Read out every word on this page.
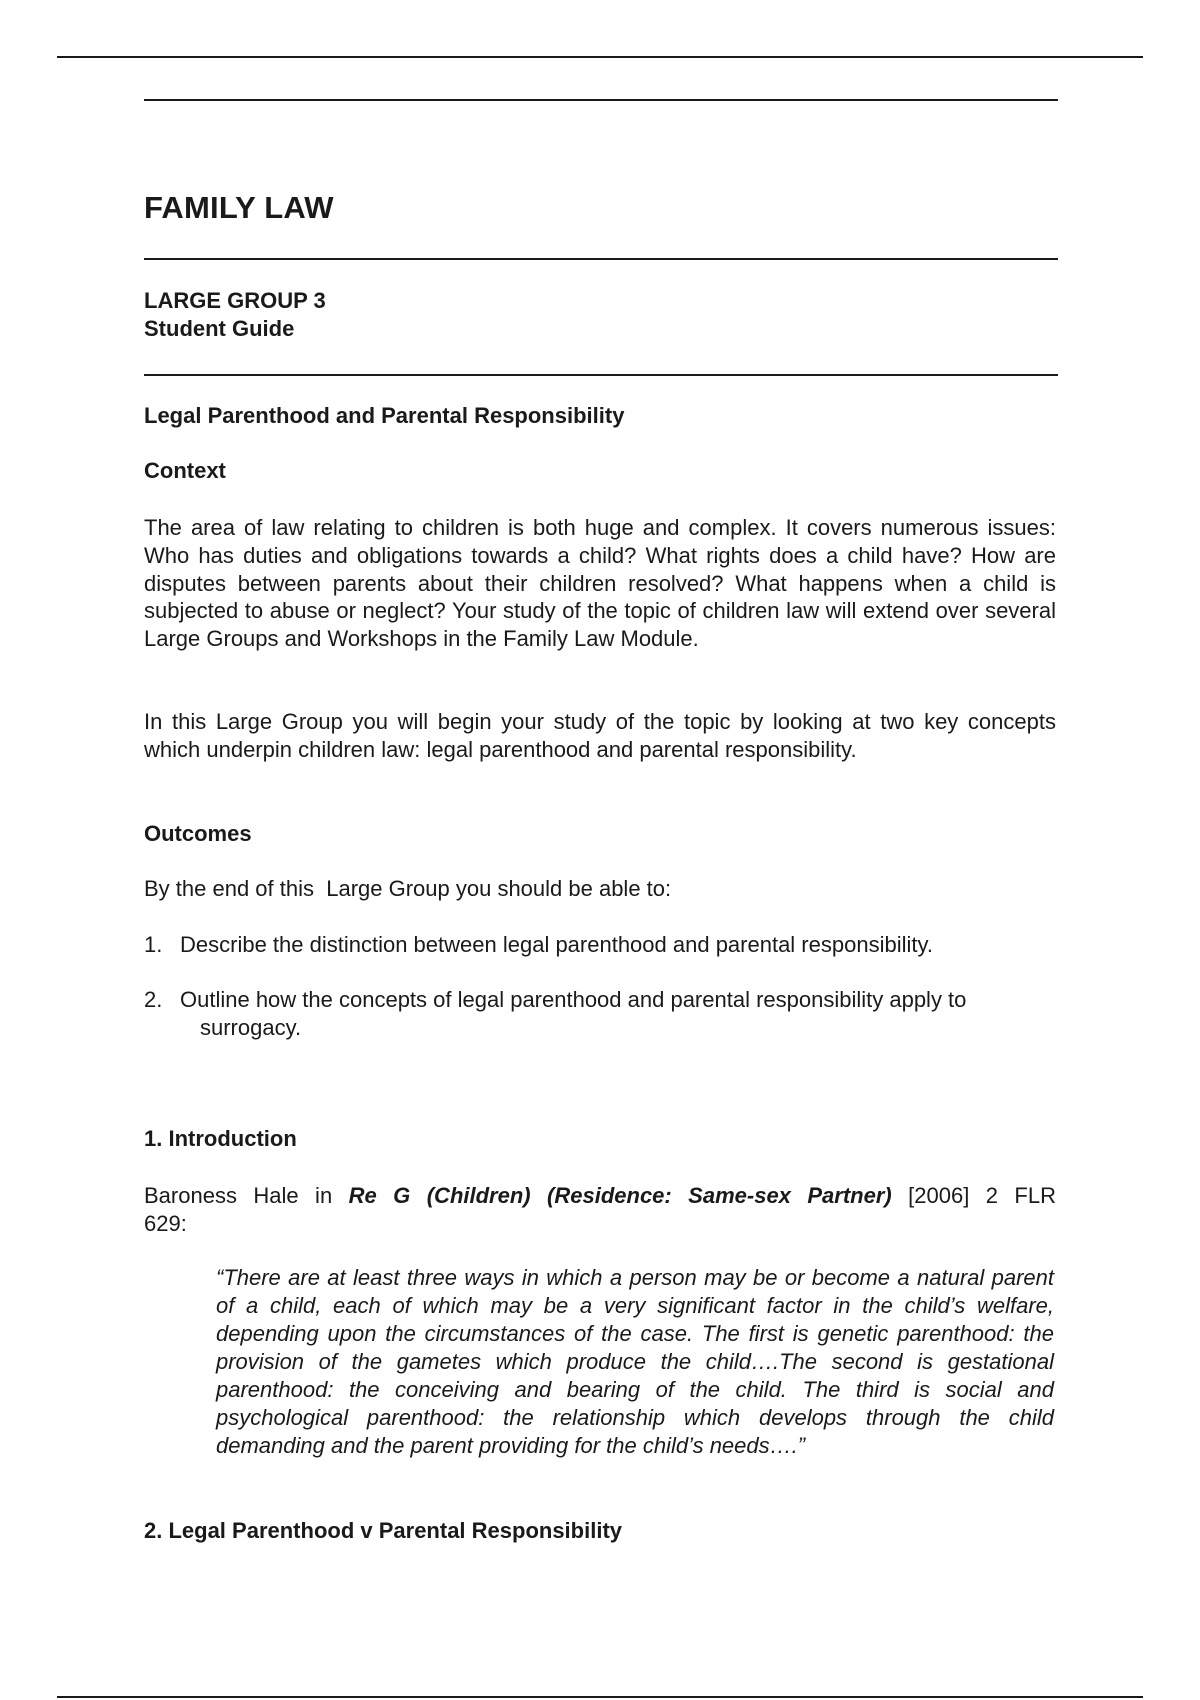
FAMILY LAW
LARGE GROUP 3
Student Guide
Legal Parenthood and Parental Responsibility
Context
The area of law relating to children is both huge and complex. It covers numerous issues: Who has duties and obligations towards a child? What rights does a child have? How are disputes between parents about their children resolved? What happens when a child is subjected to abuse or neglect? Your study of the topic of children law will extend over several Large Groups and Workshops in the Family Law Module.
In this Large Group you will begin your study of the topic by looking at two key concepts which underpin children law: legal parenthood and parental responsibility.
Outcomes
By the end of this  Large Group you should be able to:
1. Describe the distinction between legal parenthood and parental responsibility.
2. Outline how the concepts of legal parenthood and parental responsibility apply to
surrogacy.
1. Introduction
Baroness Hale in Re G (Children) (Residence: Same-sex Partner) [2006] 2 FLR
629:
“There are at least three ways in which a person may be or become a natural parent of a child, each of which may be a very significant factor in the child’s welfare, depending upon the circumstances of the case. The first is genetic parenthood: the provision of the gametes which produce the child….The second is gestational parenthood: the conceiving and bearing of the child. The third is social and psychological parenthood: the relationship which develops through the child demanding and the parent providing for the child’s needs….”
2. Legal Parenthood v Parental Responsibility
